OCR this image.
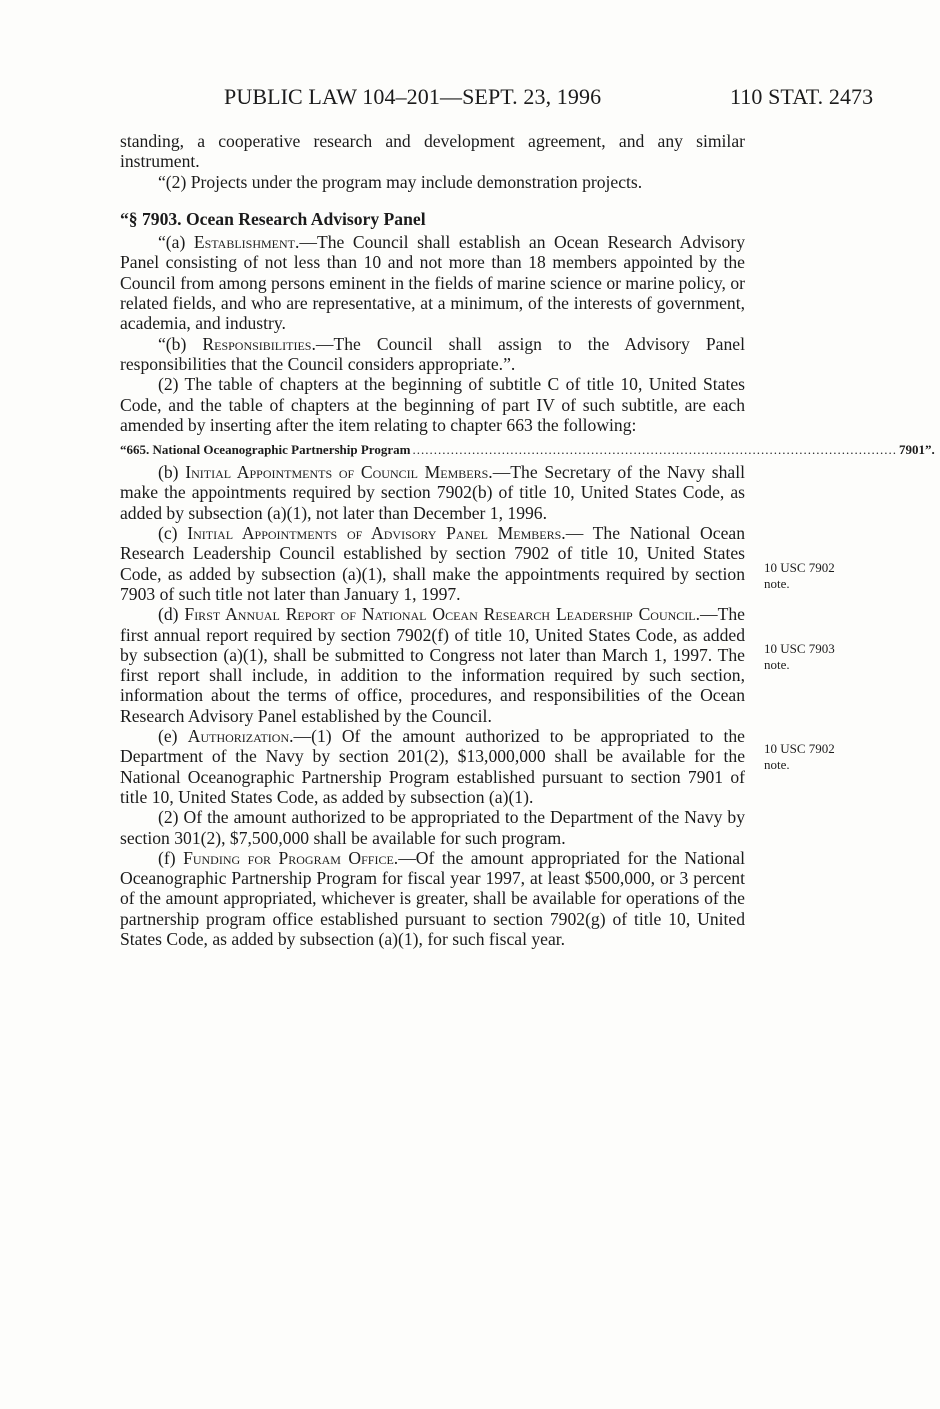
PUBLIC LAW 104–201—SEPT. 23, 1996	110 STAT. 2473

standing, a cooperative research and development agreement, and any similar instrument.

“(2) Projects under the program may include demonstration projects.

“§ 7903. Ocean Research Advisory Panel

“(a) Establishment.—The Council shall establish an Ocean Research Advisory Panel consisting of not less than 10 and not more than 18 members appointed by the Council from among persons eminent in the fields of marine science or marine policy, or related fields, and who are representative, at a minimum, of the interests of government, academia, and industry.

“(b) Responsibilities.—The Council shall assign to the Advisory Panel responsibilities that the Council considers appropriate.”.

(2) The table of chapters at the beginning of subtitle C of title 10, United States Code, and the table of chapters at the beginning of part IV of such subtitle, are each amended by inserting after the item relating to chapter 663 the following:

“665. National Oceanographic Partnership Program .................................................................................................................. 7901”.

(b) Initial Appointments of Council Members.—The Secretary of the Navy shall make the appointments required by section 7902(b) of title 10, United States Code, as added by subsection (a)(1), not later than December 1, 1996.

(c) Initial Appointments of Advisory Panel Members.— The National Ocean Research Leadership Council established by section 7902 of title 10, United States Code, as added by subsection (a)(1), shall make the appointments required by section 7903 of such title not later than January 1, 1997.

(d) First Annual Report of National Ocean Research Leadership Council.—The first annual report required by section 7902(f) of title 10, United States Code, as added by subsection (a)(1), shall be submitted to Congress not later than March 1, 1997. The first report shall include, in addition to the information required by such section, information about the terms of office, procedures, and responsibilities of the Ocean Research Advisory Panel established by the Council.

(e) Authorization.—(1) Of the amount authorized to be appropriated to the Department of the Navy by section 201(2), $13,000,000 shall be available for the National Oceanographic Partnership Program established pursuant to section 7901 of title 10, United States Code, as added by subsection (a)(1).

(2) Of the amount authorized to be appropriated to the Department of the Navy by section 301(2), $7,500,000 shall be available for such program.

(f) Funding for Program Office.—Of the amount appropriated for the National Oceanographic Partnership Program for fiscal year 1997, at least $500,000, or 3 percent of the amount appropriated, whichever is greater, shall be available for operations of the partnership program office established pursuant to section 7902(g) of title 10, United States Code, as added by subsection (a)(1), for such fiscal year.

10 USC 7902
note.
10 USC 7903
note.
10 USC 7902
note.
